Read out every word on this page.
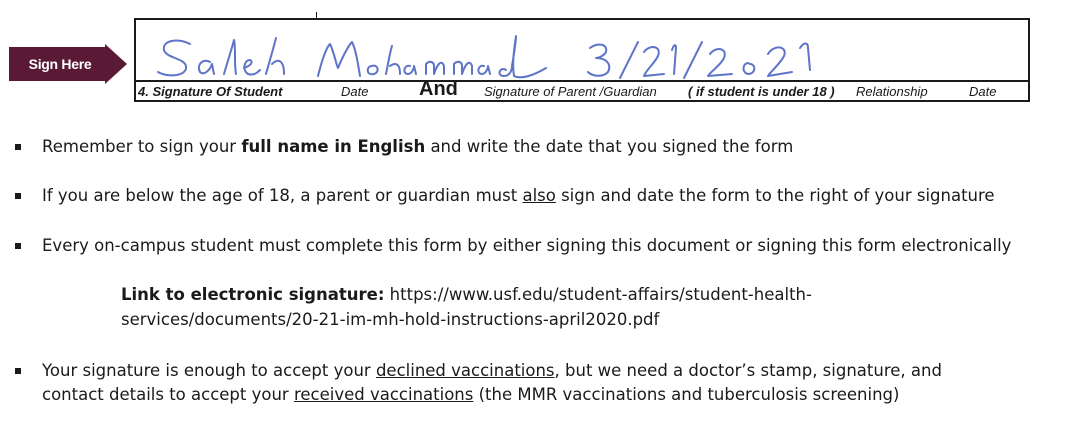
Sign Here
4. Signature Of Student	Date	And Signature of Parent /Guardian ( if student is under 18 ) Relationship	Date
Remember to sign your full name in English and write the date that you signed the form
If you are below the age of 18, a parent or guardian must also sign and date the form to the right of your signature
Every on-campus student must complete this form by either signing this document or signing this form electronically
Link to electronic signature: https://www.usf.edu/student-affairs/student-health-
services/documents/20-21-im-mh-hold-instructions-april2020.pdf
Your signature is enough to accept your declined vaccinations, but we need a doctor’s stamp, signature, and
contact details to accept your received vaccinations (the MMR vaccinations and tuberculosis screening)
